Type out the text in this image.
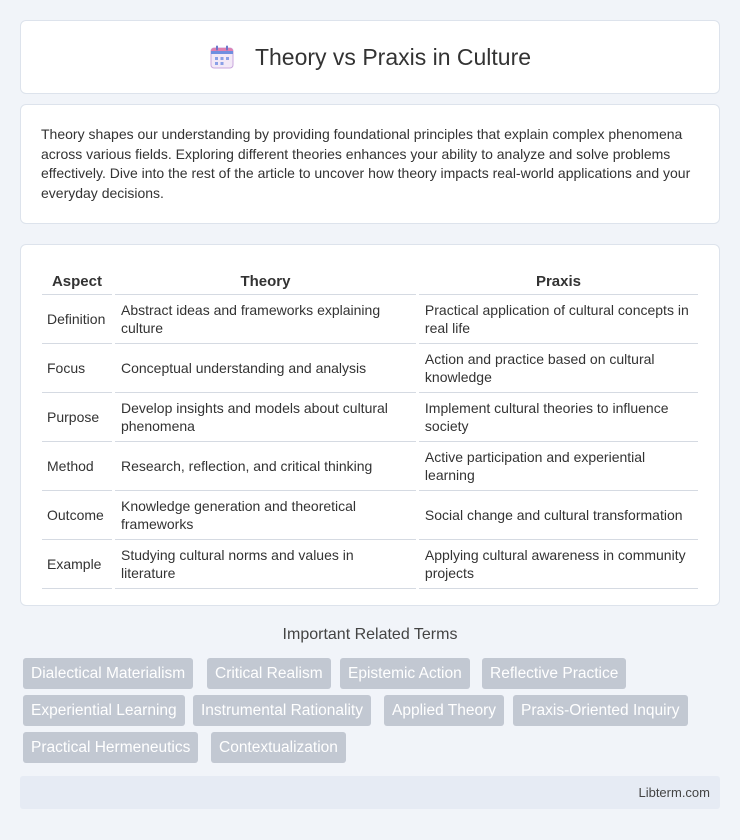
Theory vs Praxis in Culture

Theory shapes our understanding by providing foundational principles that explain complex phenomena across various fields. Exploring different theories enhances your ability to analyze and solve problems effectively. Dive into the rest of the article to uncover how theory impacts real-world applications and your everyday decisions.

Aspect	Theory	Praxis
Definition	Abstract ideas and frameworks explaining culture	Practical application of cultural concepts in real life
Focus	Conceptual understanding and analysis	Action and practice based on cultural knowledge
Purpose	Develop insights and models about cultural phenomena	Implement cultural theories to influence society
Method	Research, reflection, and critical thinking	Active participation and experiential learning
Outcome	Knowledge generation and theoretical frameworks	Social change and cultural transformation
Example	Studying cultural norms and values in literature	Applying cultural awareness in community projects
Important Related Terms
Dialectical Materialism	Critical Realism	Epistemic Action	Reflective Practice
Experiential Learning	Instrumental Rationality	Applied Theory	Praxis-Oriented Inquiry
Practical Hermeneutics	Contextualization
Libterm.com
